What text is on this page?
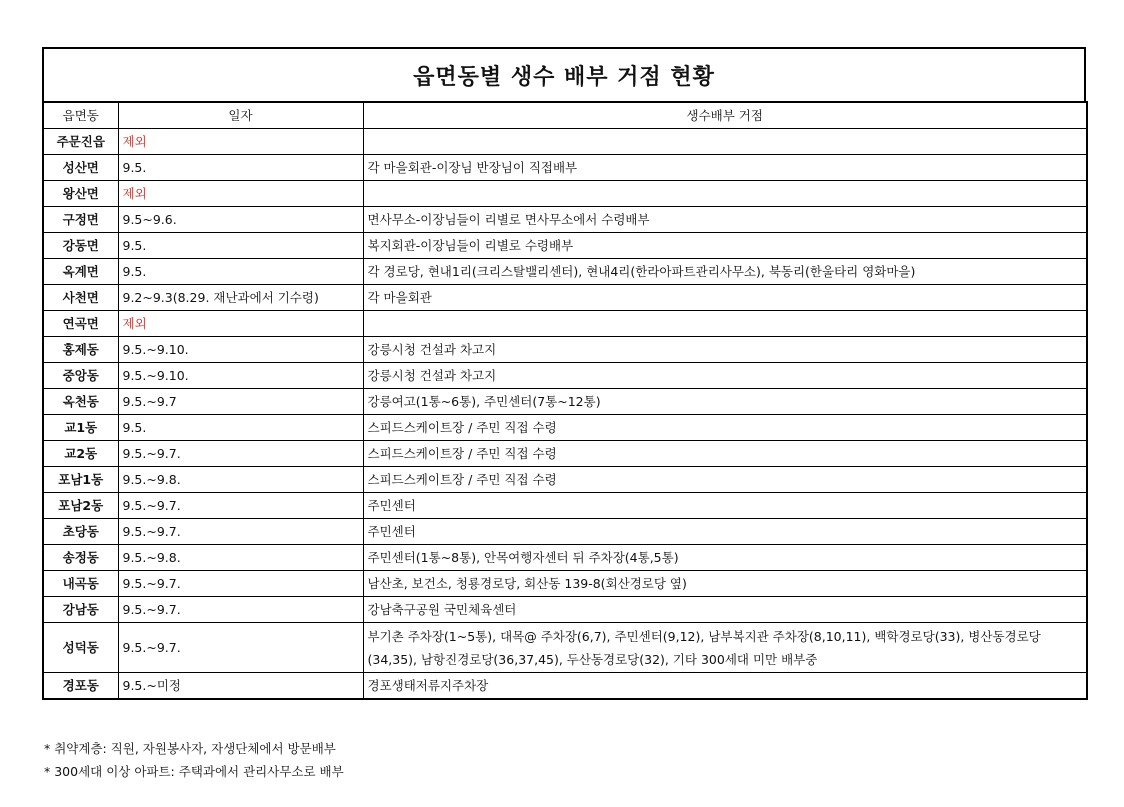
읍면동별 생수 배부 거점 현황
읍면동	일자	생수배부 거점
주문진읍	제외	
성산면	9.5.	각 마을회관-이장님 반장님이 직접배부
왕산면	제외	
구정면	9.5~9.6.	면사무소-이장님들이 리별로 면사무소에서 수령배부
강동면	9.5.	복지회관-이장님들이 리별로 수령배부
옥계면	9.5.	각 경로당, 현내1리(크리스탈밸리센터), 현내4리(한라아파트관리사무소), 북동리(한울타리 영화마을)
사천면	9.2~9.3(8.29. 재난과에서 기수령)	각 마을회관
연곡면	제외	
홍제동	9.5.~9.10.	강릉시청 건설과 차고지
중앙동	9.5.~9.10.	강릉시청 건설과 차고지
옥천동	9.5.~9.7	강릉여고(1통~6통), 주민센터(7통~12통)
교1동	9.5.	스피드스케이트장 / 주민 직접 수령
교2동	9.5.~9.7.	스피드스케이트장 / 주민 직접 수령
포남1동	9.5.~9.8.	스피드스케이트장 / 주민 직접 수령
포남2동	9.5.~9.7.	주민센터
초당동	9.5.~9.7.	주민센터
송정동	9.5.~9.8.	주민센터(1통~8통), 안목여행자센터 뒤 주차장(4통,5통)
내곡동	9.5.~9.7.	남산초, 보건소, 청룡경로당, 회산동 139-8(회산경로당 옆)
강남동	9.5.~9.7.	강남축구공원 국민체육센터
성덕동	9.5.~9.7.	부기촌 주차장(1~5통), 대목@ 주차장(6,7), 주민센터(9,12), 남부복지관 주차장(8,10,11), 백학경로당(33), 병산동경로당(34,35), 남항진경로당(36,37,45), 두산동경로당(32), 기타 300세대 미만 배부중
경포동	9.5.~미정	경포생태저류지주차장
* 취약계층: 직원, 자원봉사자, 자생단체에서 방문배부
* 300세대 이상 아파트: 주택과에서 관리사무소로 배부
